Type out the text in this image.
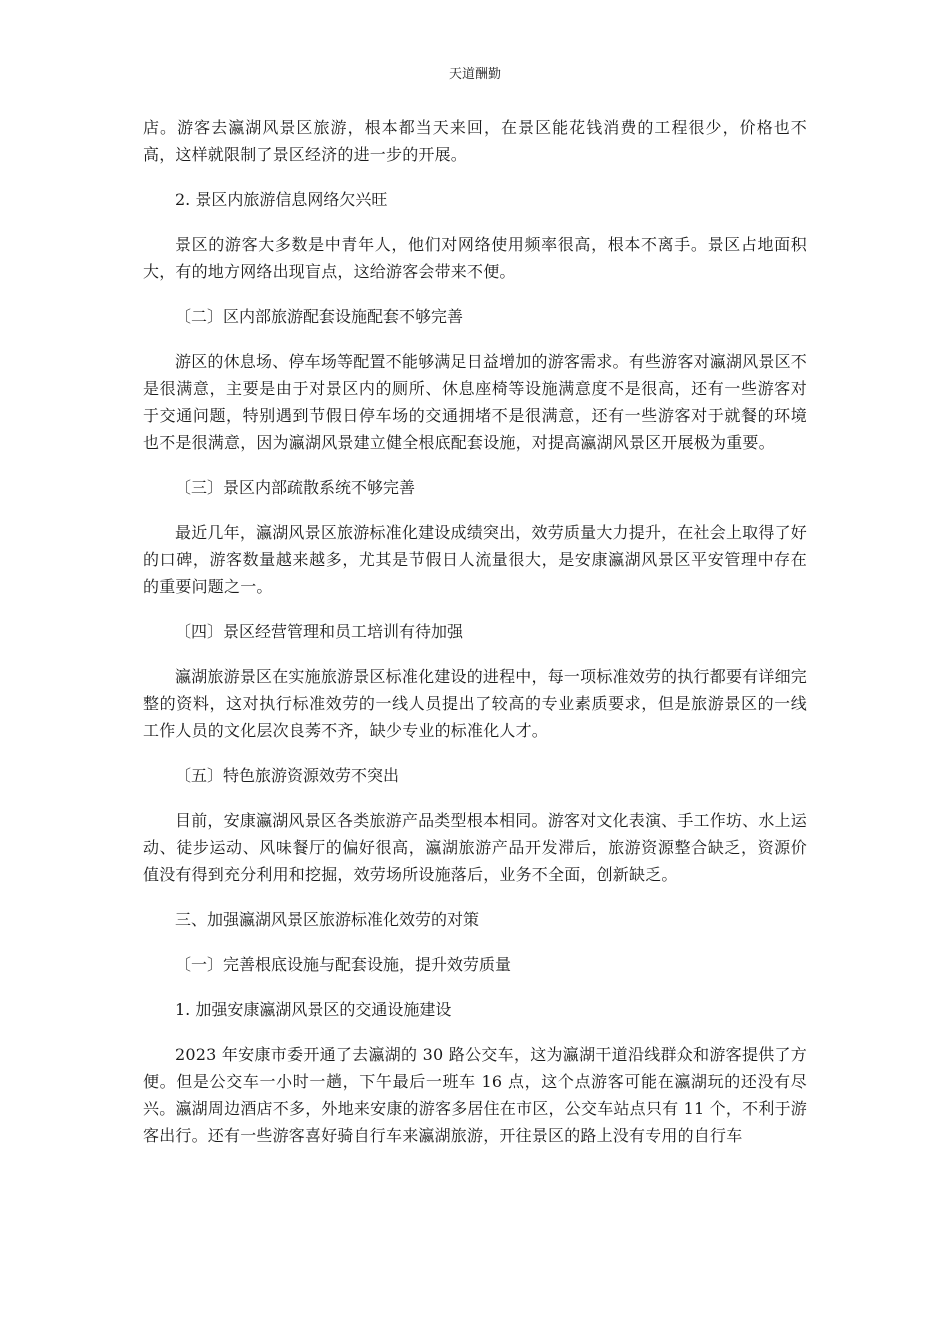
天道酬勤

店。游客去瀛湖风景区旅游，根本都当天来回，在景区能花钱消费的工程很少，价格也不高，这样就限制了景区经济的进一步的开展。

2. 景区内旅游信息网络欠兴旺

景区的游客大多数是中青年人，他们对网络使用频率很高，根本不离手。景区占地面积大，有的地方网络出现盲点，这给游客会带来不便。

〔二〕区内部旅游配套设施配套不够完善

游区的休息场、停车场等配置不能够满足日益增加的游客需求。有些游客对瀛湖风景区不是很满意，主要是由于对景区内的厕所、休息座椅等设施满意度不是很高，还有一些游客对于交通问题，特别遇到节假日停车场的交通拥堵不是很满意，还有一些游客对于就餐的环境也不是很满意，因为瀛湖风景建立健全根底配套设施，对提高瀛湖风景区开展极为重要。

〔三〕景区内部疏散系统不够完善

最近几年，瀛湖风景区旅游标准化建设成绩突出，效劳质量大力提升，在社会上取得了好的口碑，游客数量越来越多，尤其是节假日人流量很大，是安康瀛湖风景区平安管理中存在的重要问题之一。

〔四〕景区经营管理和员工培训有待加强

瀛湖旅游景区在实施旅游景区标准化建设的进程中，每一项标准效劳的执行都要有详细完整的资料，这对执行标准效劳的一线人员提出了较高的专业素质要求，但是旅游景区的一线工作人员的文化层次良莠不齐，缺少专业的标准化人才。

〔五〕特色旅游资源效劳不突出

目前，安康瀛湖风景区各类旅游产品类型根本相同。游客对文化表演、手工作坊、水上运动、徒步运动、风味餐厅的偏好很高，瀛湖旅游产品开发滞后，旅游资源整合缺乏，资源价值没有得到充分利用和挖掘，效劳场所设施落后，业务不全面，创新缺乏。

三、加强瀛湖风景区旅游标准化效劳的对策

〔一〕完善根底设施与配套设施，提升效劳质量

1. 加强安康瀛湖风景区的交通设施建设

2023 年安康市委开通了去瀛湖的 30 路公交车，这为瀛湖干道沿线群众和游客提供了方便。但是公交车一小时一趟，下午最后一班车 16 点，这个点游客可能在瀛湖玩的还没有尽兴。瀛湖周边酒店不多，外地来安康的游客多居住在市区，公交车站点只有 11 个，不利于游客出行。还有一些游客喜好骑自行车来瀛湖旅游，开往景区的路上没有专用的自行车
